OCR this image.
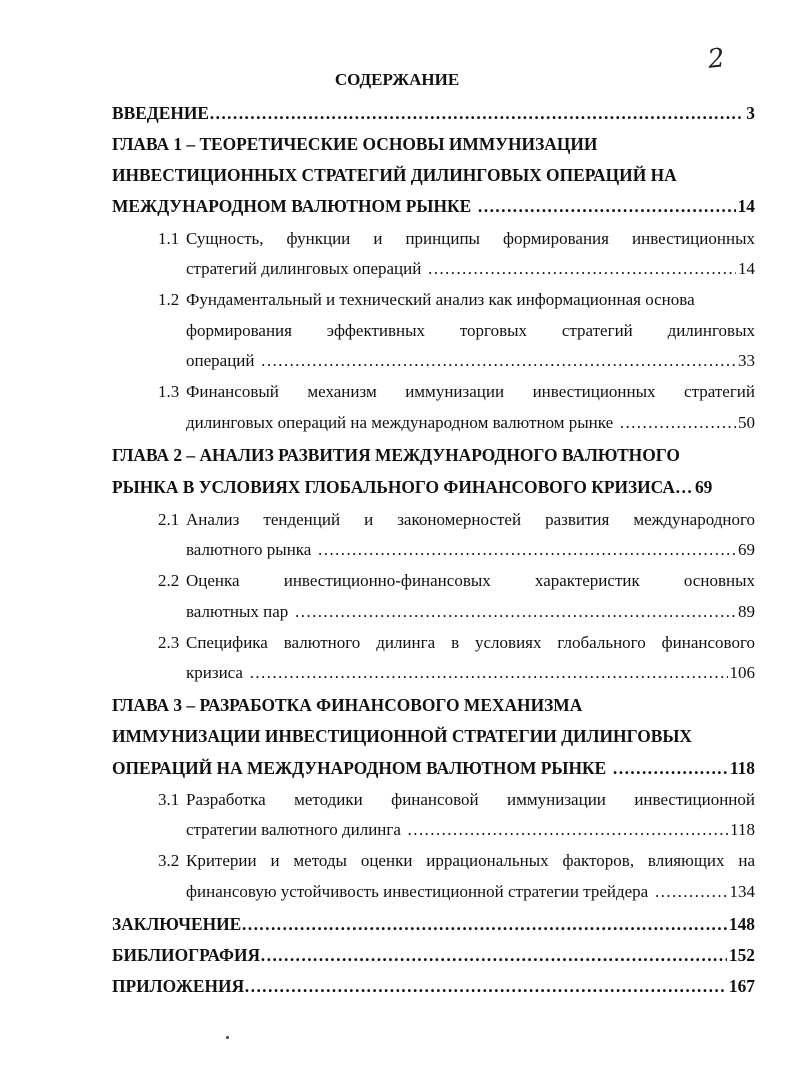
2
СОДЕРЖАНИЕ
ВВЕДЕНИЕ ……………………………………………………………………………………………………………………………………………………………………………………	3
ГЛАВА 1 – ТЕОРЕТИЧЕСКИЕ ОСНОВЫ ИММУНИЗАЦИИ
ИНВЕСТИЦИОННЫХ СТРАТЕГИЙ ДИЛИНГОВЫХ ОПЕРАЦИЙ НА
МЕЖДУНАРОДНОМ ВАЛЮТНОМ РЫНКЕ ……………………………………………………………………………………………………………………………………………………………………………………	14
1.1 Сущность, функции и принципы формирования инвестиционных
стратегий дилинговых операций ……………………………………………………………………………………………………………………………………………………………………………………	14
1.2 Фундаментальный и технический анализ как информационная основа
формирования эффективных торговых стратегий дилинговых
операций ……………………………………………………………………………………………………………………………………………………………………………………	33
1.3 Финансовый механизм иммунизации инвестиционных стратегий
дилинговых операций на международном валютном рынке ……………………………………………………………………………………………………………………………………………………………………………………	50
ГЛАВА 2 – АНАЛИЗ РАЗВИТИЯ МЕЖДУНАРОДНОГО ВАЛЮТНОГО
РЫНКА В УСЛОВИЯХ ГЛОБАЛЬНОГО ФИНАНСОВОГО КРИЗИСА …………………………………………………………………………………………………………………………………………………………………………………… 69
2.1 Анализ тенденций и закономерностей развития международного
валютного рынка ……………………………………………………………………………………………………………………………………………………………………………………	69
2.2 Оценка инвестиционно-финансовых характеристик основных
валютных пар ……………………………………………………………………………………………………………………………………………………………………………………	89
2.3 Специфика валютного дилинга в условиях глобального финансового
кризиса ……………………………………………………………………………………………………………………………………………………………………………………	106
ГЛАВА 3 – РАЗРАБОТКА ФИНАНСОВОГО МЕХАНИЗМА
ИММУНИЗАЦИИ ИНВЕСТИЦИОННОЙ СТРАТЕГИИ ДИЛИНГОВЫХ
ОПЕРАЦИЙ НА МЕЖДУНАРОДНОМ ВАЛЮТНОМ РЫНКЕ ……………………………………………………………………………………………………………………………………………………………………………………	118
3.1 Разработка методики финансовой иммунизации инвестиционной
стратегии валютного дилинга ……………………………………………………………………………………………………………………………………………………………………………………	118
3.2 Критерии и методы оценки иррациональных факторов, влияющих на
финансовую устойчивость инвестиционной стратегии трейдера ……………………………………………………………………………………………………………………………………………………………………………………	134
ЗАКЛЮЧЕНИЕ ……………………………………………………………………………………………………………………………………………………………………………………	148
БИБЛИОГРАФИЯ ……………………………………………………………………………………………………………………………………………………………………………………	152
ПРИЛОЖЕНИЯ ……………………………………………………………………………………………………………………………………………………………………………………	167
